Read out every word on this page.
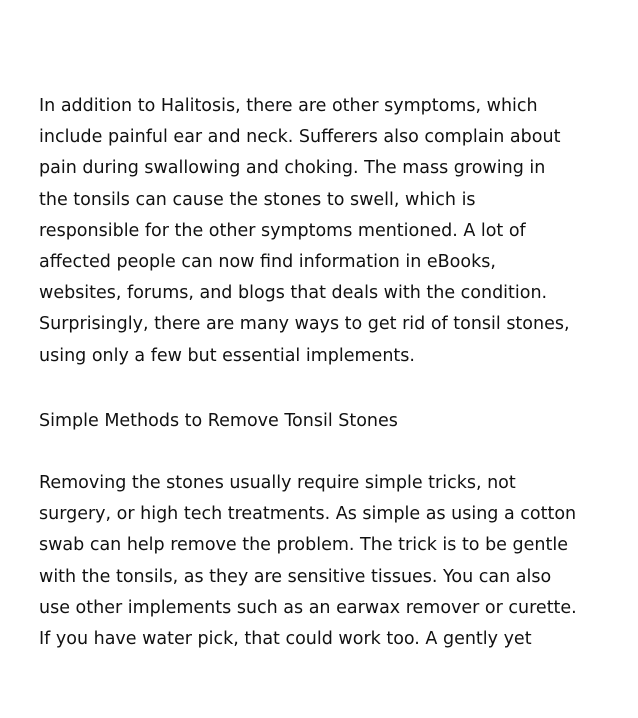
In addition to Halitosis, there are other symptoms, which
include painful ear and neck. Sufferers also complain about
pain during swallowing and choking. The mass growing in
the tonsils can cause the stones to swell, which is
responsible for the other symptoms mentioned. A lot of
affected people can now find information in eBooks,
websites, forums, and blogs that deals with the condition.
Surprisingly, there are many ways to get rid of tonsil stones,
using only a few but essential implements.

Simple Methods to Remove Tonsil Stones

Removing the stones usually require simple tricks, not
surgery, or high tech treatments. As simple as using a cotton
swab can help remove the problem. The trick is to be gentle
with the tonsils, as they are sensitive tissues. You can also
use other implements such as an earwax remover or curette.
If you have water pick, that could work too. A gently yet
